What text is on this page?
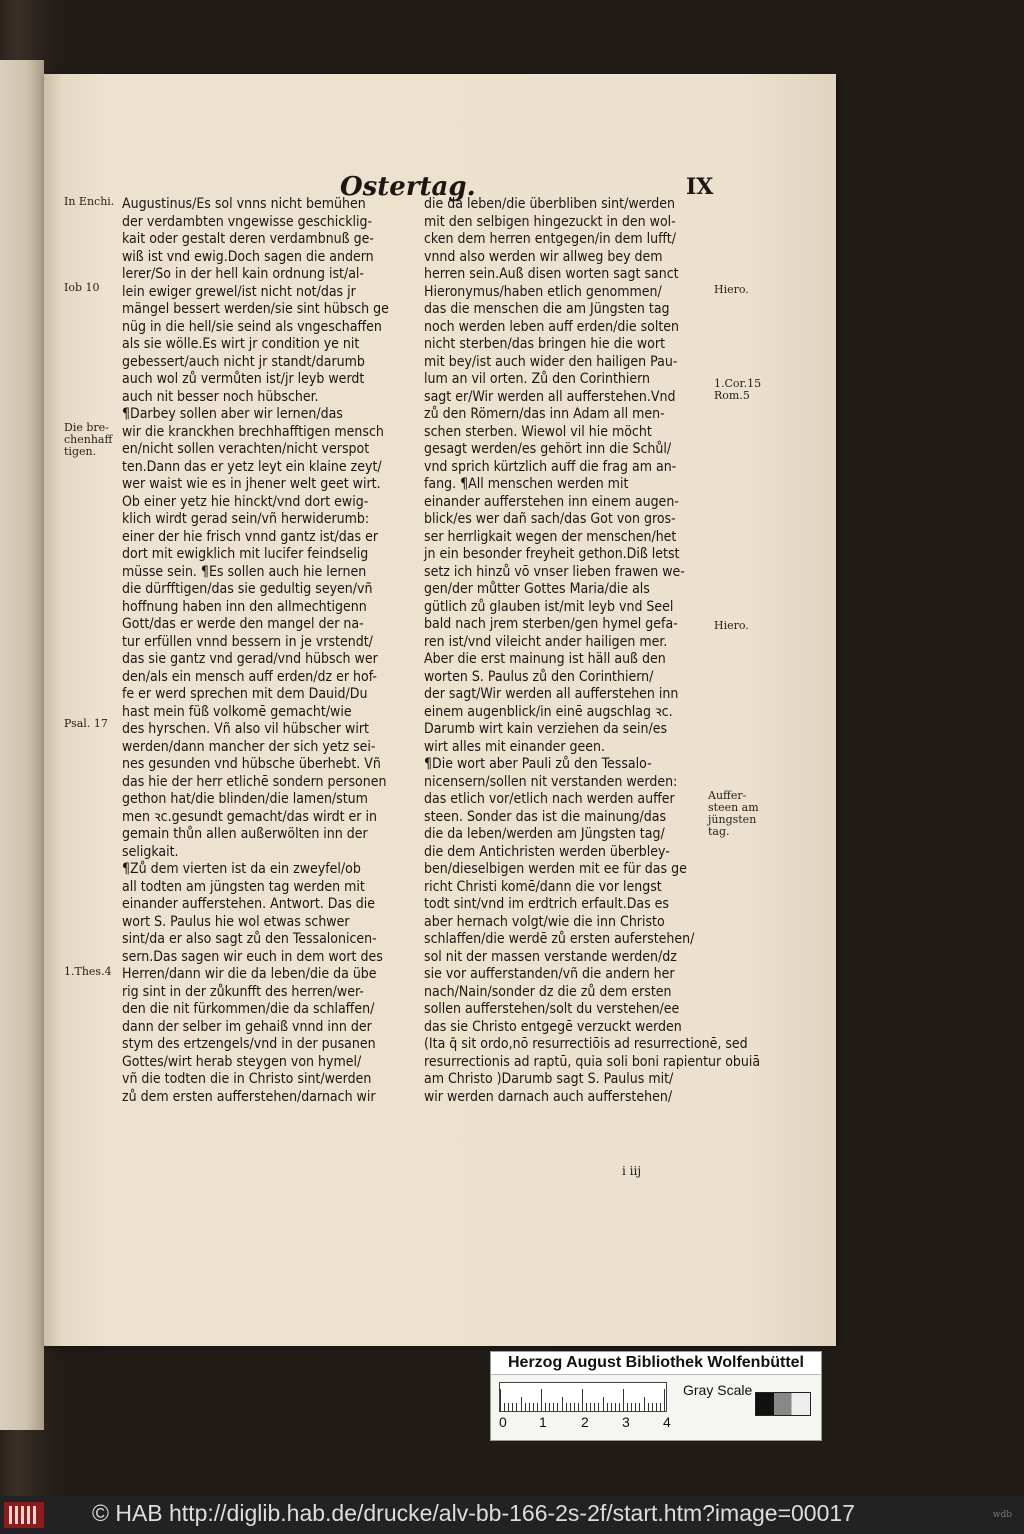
Ostertag.	IX
In Enchi.
Iob 10
Die bre-
chenhaff
tigen.
Psal. 17
1.Thes.4
Augustinus/Es sol vnns nicht bemühen
der verdambten vngewisse geschicklig-
kait oder gestalt deren verdambnuß ge-
wiß ist vnd ewig.Doch sagen die andern
lerer/So in der hell kain ordnung ist/al-
lein ewiger grewel/ist nicht not/das jr
mängel bessert werden/sie sint hübsch ge
nüg in die hell/sie seind als vngeschaffen
als sie wölle.Es wirt jr condition ye nit
gebessert/auch nicht jr standt/darumb
auch wol zů vermůten ist/jr leyb werdt
auch nit besser noch hübscher.
¶Darbey sollen aber wir lernen/das
wir die kranckhen brechhafftigen mensch
en/nicht sollen verachten/nicht verspot
ten.Dann das er yetz leyt ein klaine zeyt/
wer waist wie es in jhener welt geet wirt.
Ob einer yetz hie hinckt/vnd dort ewig-
klich wirdt gerad sein/vñ herwiderumb:
einer der hie frisch vnnd gantz ist/das er
dort mit ewigklich mit lucifer feindselig
müsse sein. ¶Es sollen auch hie lernen
die dürfftigen/das sie gedultig seyen/vñ
hoffnung haben inn den allmechtigenn
Gott/das er werde den mangel der na-
tur erfüllen vnnd bessern in je vrstendt/
das sie gantz vnd gerad/vnd hübsch wer
den/als ein mensch auff erden/dz er hof-
fe er werd sprechen mit dem Dauid/Du
hast mein füß volkomē gemacht/wie
des hyrschen. Vñ also vil hübscher wirt
werden/dann mancher der sich yetz sei-
nes gesunden vnd hübsche überhebt. Vñ
das hie der herr etlichē sondern personen
gethon hat/die blinden/die lamen/stum
men ꝛc.gesundt gemacht/das wirdt er in
gemain thůn allen außerwölten inn der
seligkait.
¶Zů dem vierten ist da ein zweyfel/ob
all todten am jüngsten tag werden mit
einander aufferstehen. Antwort. Das die
wort S. Paulus hie wol etwas schwer
sint/da er also sagt zů den Tessalonicen-
sern.Das sagen wir euch in dem wort des
Herren/dann wir die da leben/die da übe
rig sint in der zůkunfft des herren/wer-
den die nit fürkommen/die da schlaffen/
dann der selber im gehaiß vnnd inn der
stym des ertzengels/vnd in der pusanen
Gottes/wirt herab steygen von hymel/
vñ die todten die in Christo sint/werden
zů dem ersten aufferstehen/darnach wir
die da leben/die überbliben sint/werden
mit den selbigen hingezuckt in den wol-
cken dem herren entgegen/in dem lufft/
vnnd also werden wir allweg bey dem
herren sein.Auß disen worten sagt sanct
Hieronymus/haben etlich genommen/
das die menschen die am Jüngsten tag
noch werden leben auff erden/die solten
nicht sterben/das bringen hie die wort
mit bey/ist auch wider den hailigen Pau-
lum an vil orten. Zů den Corinthiern
sagt er/Wir werden all aufferstehen.Vnd
zů den Römern/das inn Adam all men-
schen sterben. Wiewol vil hie möcht
gesagt werden/es gehört inn die Schůl/
vnd sprich kürtzlich auff die frag am an-
fang. ¶All menschen werden mit
einander aufferstehen inn einem augen-
blick/es wer dañ sach/das Got von gros-
ser herrligkait wegen der menschen/het
jn ein besonder freyheit gethon.Diß letst
setz ich hinzů vō vnser lieben frawen we-
gen/der můtter Gottes Maria/die als
gütlich zů glauben ist/mit leyb vnd Seel
bald nach jrem sterben/gen hymel gefa-
ren ist/vnd vileicht ander hailigen mer.
Aber die erst mainung ist häll auß den
worten S. Paulus zů den Corinthiern/
der sagt/Wir werden all aufferstehen inn
einem augenblick/in einē augschlag ꝛc.
Darumb wirt kain verziehen da sein/es
wirt alles mit einander geen.
¶Die wort aber Pauli zů den Tessalo-
nicensern/sollen nit verstanden werden:
das etlich vor/etlich nach werden auffer
steen. Sonder das ist die mainung/das
die da leben/werden am Jüngsten tag/
die dem Antichristen werden überbley-
ben/dieselbigen werden mit ee für das ge
richt Christi komē/dann die vor lengst
todt sint/vnd im erdtrich erfault.Das es
aber hernach volgt/wie die inn Christo
schlaffen/die werdē zů ersten auferstehen/
sol nit der massen verstande werden/dz
sie vor aufferstanden/vñ die andern her
nach/Nain/sonder dz die zů dem ersten
sollen aufferstehen/solt du verstehen/ee
das sie Christo entgegē verzuckt werden
(Ita q̄ sit ordo,nō resurrectiōis ad resurrectionē, sed
resurrectionis ad raptū, quia soli boni rapientur obuiā
am Christo )Darumb sagt S. Paulus mit/
wir werden darnach auch aufferstehen/
Hiero.
1.Cor.15
Rom.5
Hiero.
Auffer-
steen am
jüngsten
tag.
i iij
Herzog August Bibliothek Wolfenbüttel
0 1 2 3 4
Gray Scale
© HAB http://diglib.hab.de/drucke/alv-bb-166-2s-2f/start.htm?image=00017	wdb
